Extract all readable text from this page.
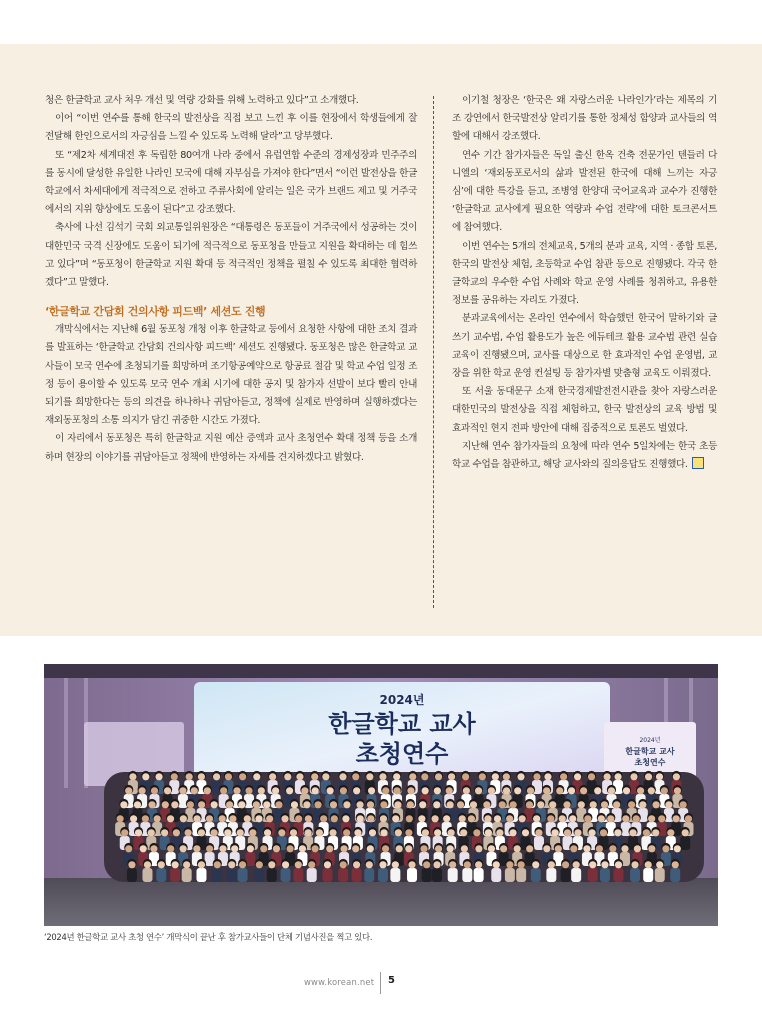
청은 한글학교 교사 처우 개선 및 역량 강화를 위해 노력하고 있다”고 소개했다.

이어 “이번 연수를 통해 한국의 발전상을 직접 보고 느낀 후 이를 현장에서 학생들에게 잘 전달해 한인으로서의 자긍심을 느낄 수 있도록 노력해 달라”고 당부했다.

또 “제2차 세계대전 후 독립한 80여개 나라 중에서 유럽연합 수준의 경제성장과 민주주의를 동시에 달성한 유일한 나라인 모국에 대해 자부심을 가져야 한다”면서 “이런 발전상을 한글학교에서 차세대에게 적극적으로 전하고 주류사회에 알리는 일은 국가 브랜드 제고 및 거주국에서의 지위 향상에도 도움이 된다”고 강조했다.

축사에 나선 김석기 국회 외교통일위원장은 “대통령은 동포들이 거주국에서 성공하는 것이 대한민국 국격 신장에도 도움이 되기에 적극적으로 동포청을 만들고 지원을 확대하는 데 힘쓰고 있다”며 “동포청이 한글학교 지원 확대 등 적극적인 정책을 펼칠 수 있도록 최대한 협력하겠다”고 말했다.

‘한글학교 간담회 건의사항 피드백’ 세션도 진행

개막식에서는 지난해 6월 동포청 개청 이후 한글학교 등에서 요청한 사항에 대한 조치 결과를 발표하는 ‘한글학교 간담회 건의사항 피드백’ 세션도 진행됐다. 동포청은 많은 한글학교 교사들이 모국 연수에 초청되기를 희망하며 조기항공예약으로 항공료 절감 및 학교 수업 일정 조정 등이 용이할 수 있도록 모국 연수 개최 시기에 대한 공지 및 참가자 선발이 보다 빨리 안내되기를 희망한다는 등의 의견을 하나하나 귀담아듣고, 정책에 실제로 반영하며 실행하겠다는 재외동포청의 소통 의지가 담긴 귀중한 시간도 가졌다.

이 자리에서 동포청은 특히 한글학교 지원 예산 증액과 교사 초청연수 확대 정책 등을 소개하며 현장의 이야기를 귀담아듣고 정책에 반영하는 자세를 견지하겠다고 밝혔다.

이기철 청장은 ‘한국은 왜 자랑스러운 나라인가’라는 제목의 기조 강연에서 한국발전상 알리기를 통한 정체성 함양과 교사들의 역할에 대해서 강조했다.

연수 기간 참가자들은 독일 출신 한옥 건축 전문가인 텐들러 다니엘의 ‘재외동포로서의 삶과 발전된 한국에 대해 느끼는 자긍심’에 대한 특강을 듣고, 조병영 한양대 국어교육과 교수가 진행한 ‘한글학교 교사에게 필요한 역량과 수업 전략’에 대한 토크콘서트에 참여했다.

이번 연수는 5개의 전체교육, 5개의 분과 교육, 지역 · 종합 토론, 한국의 발전상 체험, 초등학교 수업 참관 등으로 진행됐다. 각국 한글학교의 우수한 수업 사례와 학교 운영 사례를 청취하고, 유용한 정보를 공유하는 자리도 가졌다.

분과교육에서는 온라인 연수에서 학습했던 한국어 말하기와 글쓰기 교수법, 수업 활용도가 높은 에듀테크 활용 교수법 관련 실습 교육이 진행됐으며, 교사를 대상으로 한 효과적인 수업 운영법, 교장을 위한 학교 운영 컨설팅 등 참가자별 맞춤형 교육도 이뤄졌다.

또 서울 동대문구 소재 한국경제발전전시관을 찾아 자랑스러운 대한민국의 발전상을 직접 체험하고, 한국 발전상의 교육 방법 및 효과적인 현지 전파 방안에 대해 집중적으로 토론도 벌였다.

지난해 연수 참가자들의 요청에 따라 연수 5일차에는 한국 초등학교 수업을 참관하고, 해당 교사와의 질의응답도 진행했다.

2024년
한글학교 교사
초청연수	2024년
한글학교 교사
초청연수
‘2024년 한글학교 교사 초청 연수’ 개막식이 끝난 후 참가교사들이 단체 기념사진을 찍고 있다.
www.korean.net 5
